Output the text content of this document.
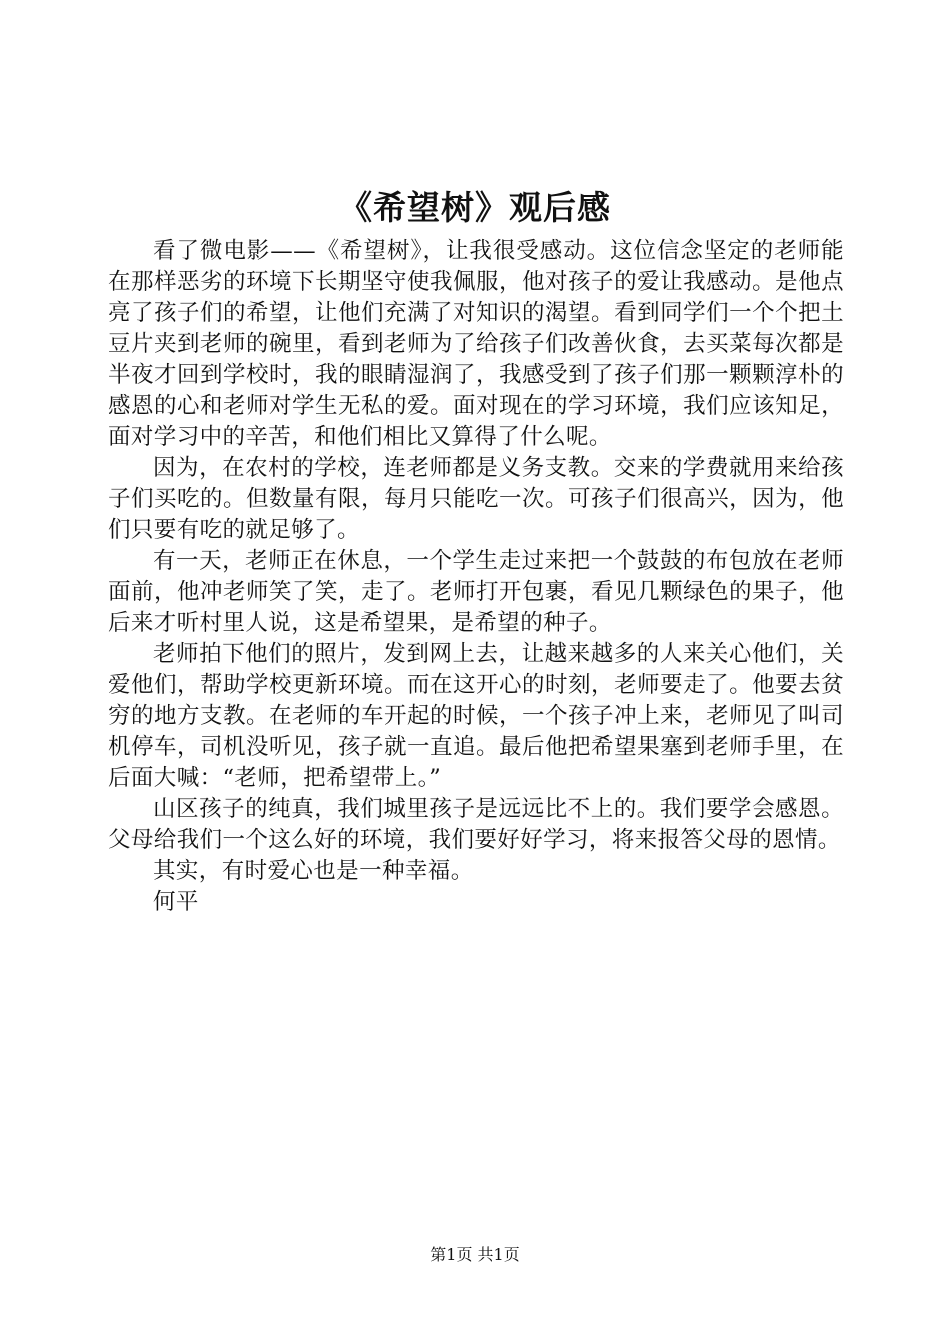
《希望树》观后感

看了微电影——《希望树》，让我很受感动。这位信念坚定的老师能在那样恶劣的环境下长期坚守使我佩服，他对孩子的爱让我感动。是他点亮了孩子们的希望，让他们充满了对知识的渴望。看到同学们一个个把土豆片夹到老师的碗里，看到老师为了给孩子们改善伙食，去买菜每次都是半夜才回到学校时，我的眼睛湿润了，我感受到了孩子们那一颗颗淳朴的感恩的心和老师对学生无私的爱。面对现在的学习环境，我们应该知足，面对学习中的辛苦，和他们相比又算得了什么呢。

因为，在农村的学校，连老师都是义务支教。交来的学费就用来给孩子们买吃的。但数量有限，每月只能吃一次。可孩子们很高兴，因为，他们只要有吃的就足够了。

有一天，老师正在休息，一个学生走过来把一个鼓鼓的布包放在老师面前，他冲老师笑了笑，走了。老师打开包裹，看见几颗绿色的果子，他后来才听村里人说，这是希望果，是希望的种子。

老师拍下他们的照片，发到网上去，让越来越多的人来关心他们，关爱他们，帮助学校更新环境。而在这开心的时刻，老师要走了。他要去贫穷的地方支教。在老师的车开起的时候，一个孩子冲上来，老师见了叫司机停车，司机没听见，孩子就一直追。最后他把希望果塞到老师手里，在后面大喊：“老师，把希望带上。”

山区孩子的纯真，我们城里孩子是远远比不上的。我们要学会感恩。父母给我们一个这么好的环境，我们要好好学习，将来报答父母的恩情。

其实，有时爱心也是一种幸福。

何平

第1页 共1页
